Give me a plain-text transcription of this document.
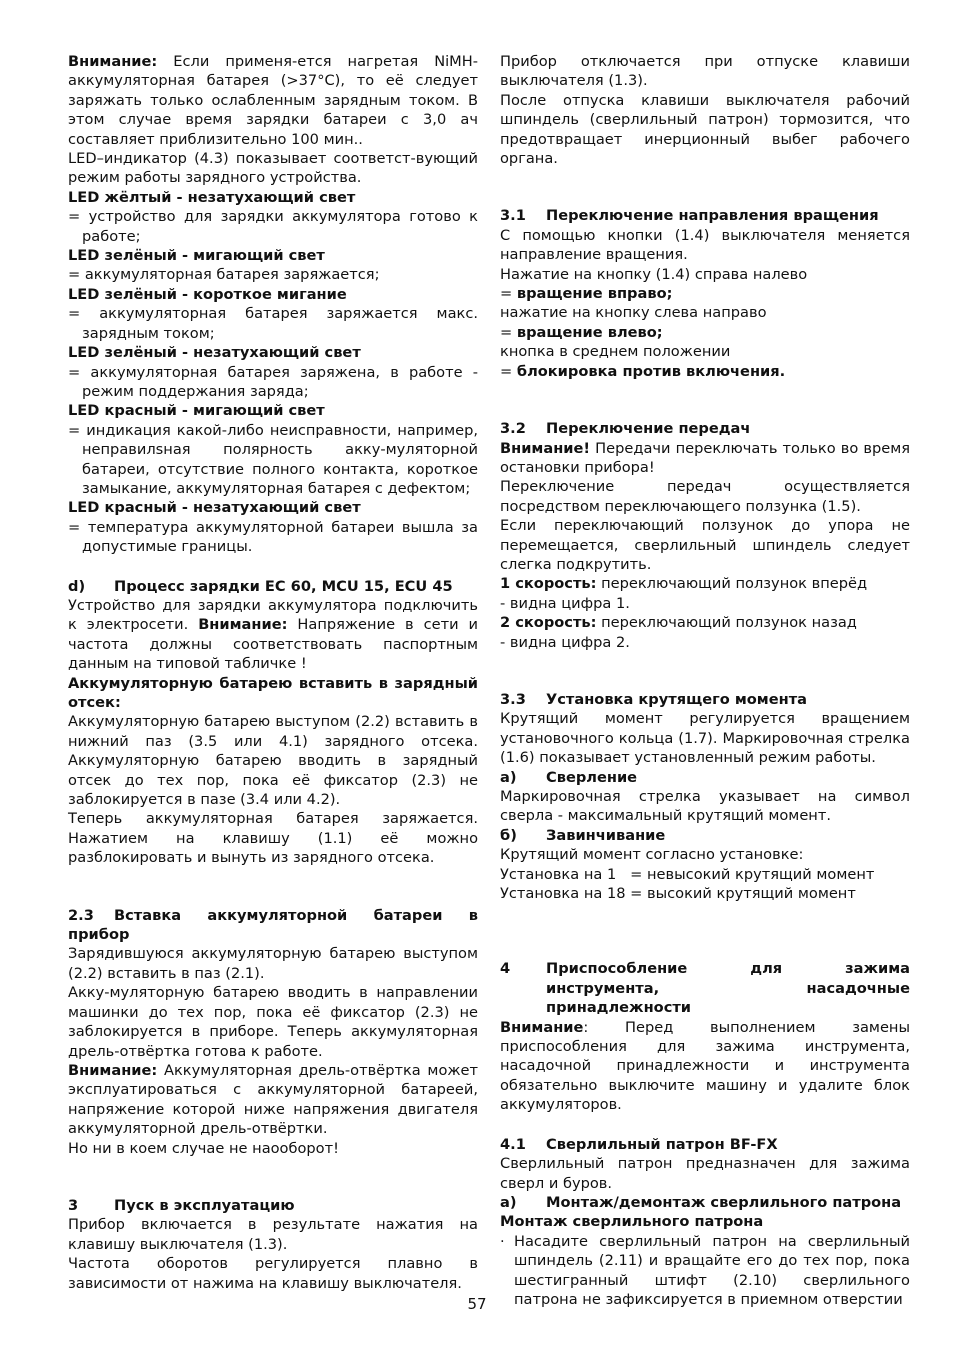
Внимание: Если применя-ется нагретая NiMH-аккумуляторная батарея (>37°С), то её следует заряжать только ослабленным зарядным током. В этом случае время зарядки батареи с 3,0 ач составляет приблизительно 100 мин..

LED–индикатор (4.3) показывает соответст-вующий режим работы зарядного устройства.

LED жёлтый - незатухающий свет

= устройство для зарядки аккумулятора готово к работе;

LED зелёный - мигающий свет

= аккумуляторная батарея заряжается;

LED зелёный - короткое мигание

= аккумуляторная батарея заряжается макс. зарядным током;

LED зелёный - незатухающий свет

= аккумуляторная батарея заряжена, в работе - режим поддержания заряда;

LED красный - мигающий свет

= индикация какой-либо неисправности, например, неправилsная полярность акку-муляторной батареи, отсутствие полного контакта, короткое замыкание, аккумуляторная батарея с дефектом;

LED красный - незатухающий свет

= температура аккумуляторной батареи вышла за допустимые границы.

d) Процесс зарядки ЕС 60, МСU 15, ECU 45

Устройство для зарядки аккумулятора подключить к электросети. Внимание: Напряжение в сети и частота должны соответствовать паспортным данным на типовой табличке !

Аккумуляторную батарею вставить в зарядный отсек:

Аккумуляторную батарею выступом (2.2) вставить в нижний паз (3.5 или 4.1) зарядного отсека. Аккумуляторную батарею вводить в зарядный отсек до тех пор, пока её фиксатор (2.3) не заблокируется в пазе (3.4 или 4.2).

Теперь аккумуляторная батарея заряжается. Нажатием на клавишу (1.1) её можно разблокировать и вынуть из зарядного отсека.

2.3 Вставка аккумуляторной батареи в прибор

Зарядившуюся аккумуляторную батарею выступом (2.2) вставить в паз (2.1).

Акку-муляторную батарею вводить в направлении машинки до тех пор, пока её фиксатор (2.3) не заблокируется в приборе. Теперь аккумуляторная дрель-отвёртка готова к работе.

Внимание: Аккумуляторная дрель-отвёртка может эксплуатироваться с аккумуляторной батареей, напряжение которой ниже напряжения двигателя аккумуляторной дрель-отвёртки.

Но ни в коем случае не наооборот!

3 Пуск в эксплуатацию

Прибор включается в результате нажатия на клавишу выключателя (1.3).

Частота оборотов регулируется плавно в зависимости от нажима на клавишу выключателя.

Прибор отключается при отпуске клавиши выключателя (1.3).

После отпуска клавиши выключателя рабочий шпиндель (сверлильный патрон) тормозится, что предотвращает инерционный выбег рабочего органа.

3.1 Переключение направления вращения

С помощью кнопки (1.4) выключателя меняется направление вращения.

Нажатие на кнопку (1.4) справа налево

= вращение вправо;

нажатие на кнопку слева направо

= вращение влево;

кнопка в среднем положении

= блокировка против включения.

3.2 Переключение передач

Внимание! Передачи переключать только во время остановки прибора!

Переключение передач осуществляется посредством переключающего ползунка (1.5).

Если переключающий ползунок до упора не перемещается, сверлильный шпиндель следует слегка подкрутить.

1 скорость: переключающий ползунок вперёд

- видна цифра 1.

2 скорость: переключающий ползунок назад

- видна цифра 2.

3.3 Установка крутящего момента

Крутящий момент регулируется вращением установочного кольца (1.7). Маркировочная стрелка (1.6) показывает установленный режим работы.

а) Сверление

Маркировочная стрелка указывает на символ сверла - максимальный крутящий момент.

б) Завинчивание

Крутящий момент согласно установке:

Установка на 1   = невысокий крутящий момент

Установка на 18 = высокий крутящий момент

4	Приспособление для зажима инструмента, насадочные принадлежности

Внимание: Перед выполнением замены приспособления для зажима инструмента, насадочной принадлежности и инструмента обязательно выключите машину и удалите блок аккумуляторов.

4.1 Сверлильный патрон BF-FX

Сверлильный патрон предназначен для зажима сверл и буров.

а) Монтаж/демонтаж сверлильного патрона

Монтаж сверлильного патрона

· Насадите сверлильный патрон на сверлильный шпиндель (2.11) и вращайте его до тех пор, пока шестигранный штифт (2.10) сверлильного патрона не зафиксируется в приемном отверстии

57
